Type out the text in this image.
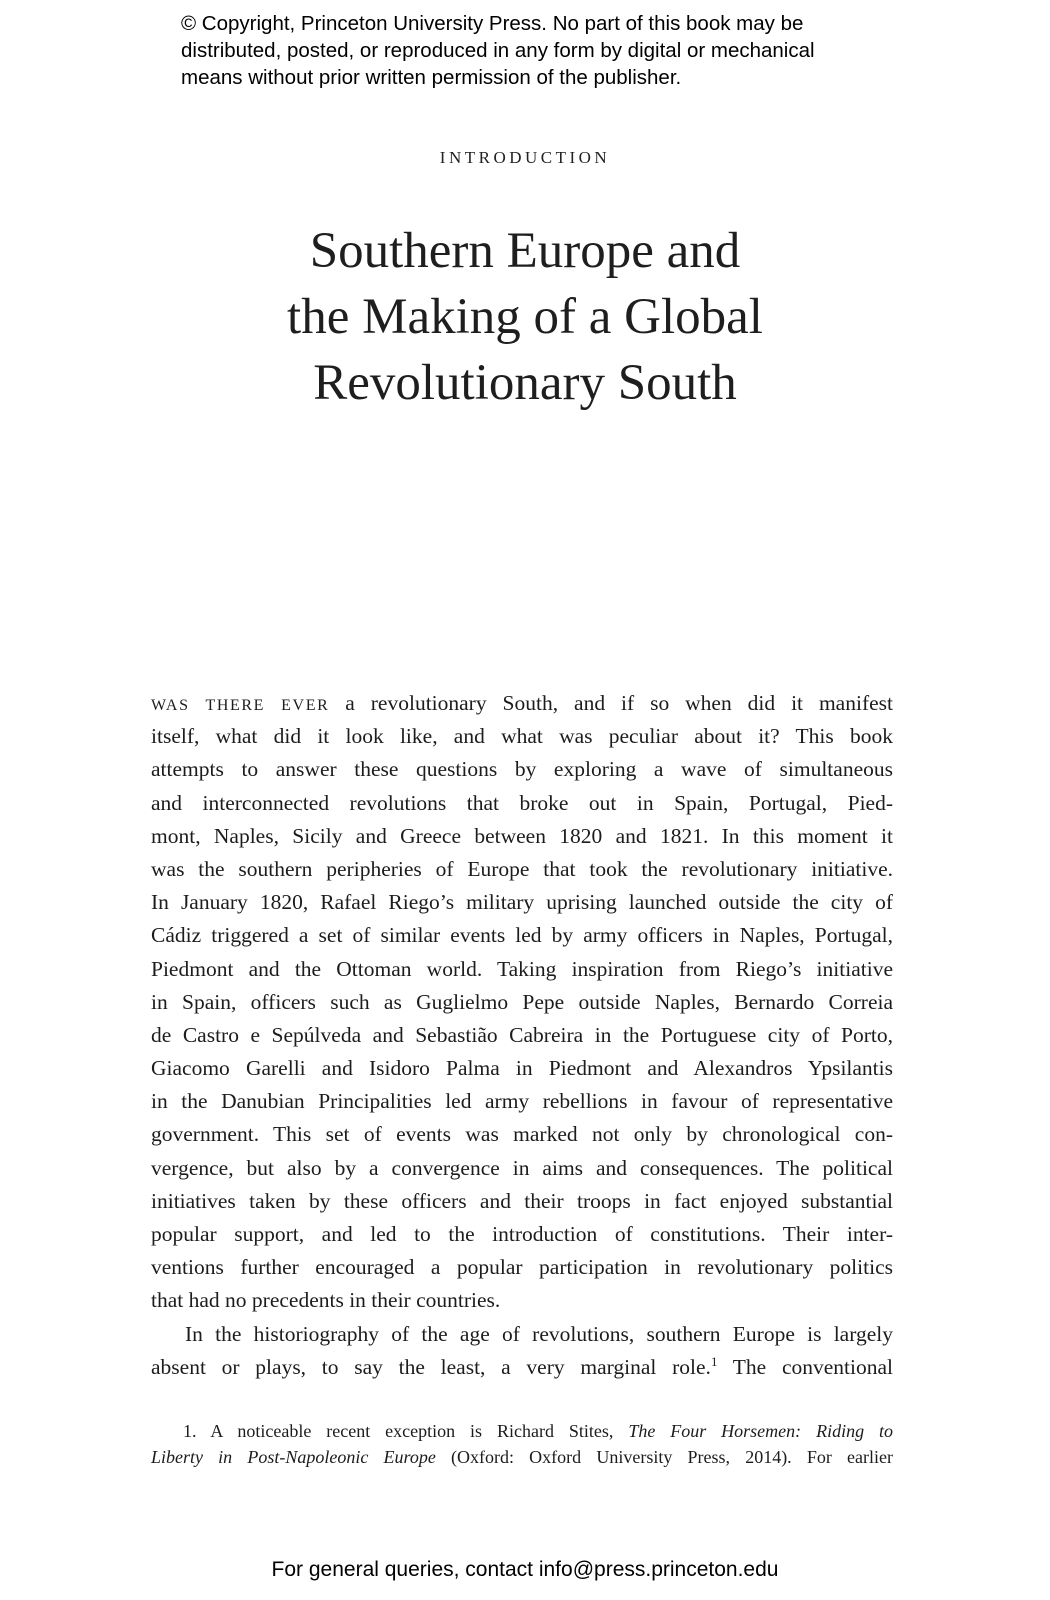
© Copyright, Princeton University Press. No part of this book may be
distributed, posted, or reproduced in any form by digital or mechanical
means without prior written permission of the publisher.
INTRODUCTION
Southern Europe and
the Making of a Global
Revolutionary South
WAS THERE EVER a revolutionary South, and if so when did it manifest
itself, what did it look like, and what was peculiar about it? This book
attempts to answer these questions by exploring a wave of simultaneous
and interconnected revolutions that broke out in Spain, Portugal, Pied-
mont, Naples, Sicily and Greece between 1820 and 1821. In this moment it
was the southern peripheries of Europe that took the revolutionary initiative.
In January 1820, Rafael Riego’s military uprising launched outside the city of
Cádiz triggered a set of similar events led by army officers in Naples, Portugal,
Piedmont and the Ottoman world. Taking inspiration from Riego’s initiative
in Spain, officers such as Guglielmo Pepe outside Naples, Bernardo Correia
de Castro e Sepúlveda and Sebastião Cabreira in the Portuguese city of Porto,
Giacomo Garelli and Isidoro Palma in Piedmont and Alexandros Ypsilantis
in the Danubian Principalities led army rebellions in favour of representative
government. This set of events was marked not only by chronological con-
vergence, but also by a convergence in aims and consequences. The political
initiatives taken by these officers and their troops in fact enjoyed substantial
popular support, and led to the introduction of constitutions. Their inter-
ventions further encouraged a popular participation in revolutionary politics
that had no precedents in their countries.
In the historiography of the age of revolutions, southern Europe is largely
absent or plays, to say the least, a very marginal role.$^1$ The conventional
1. A noticeable recent exception is Richard Stites, The Four Horsemen: Riding to
Liberty in Post-Napoleonic Europe (Oxford: Oxford University Press, 2014). For earlier
For general queries, contact info@press.princeton.edu
